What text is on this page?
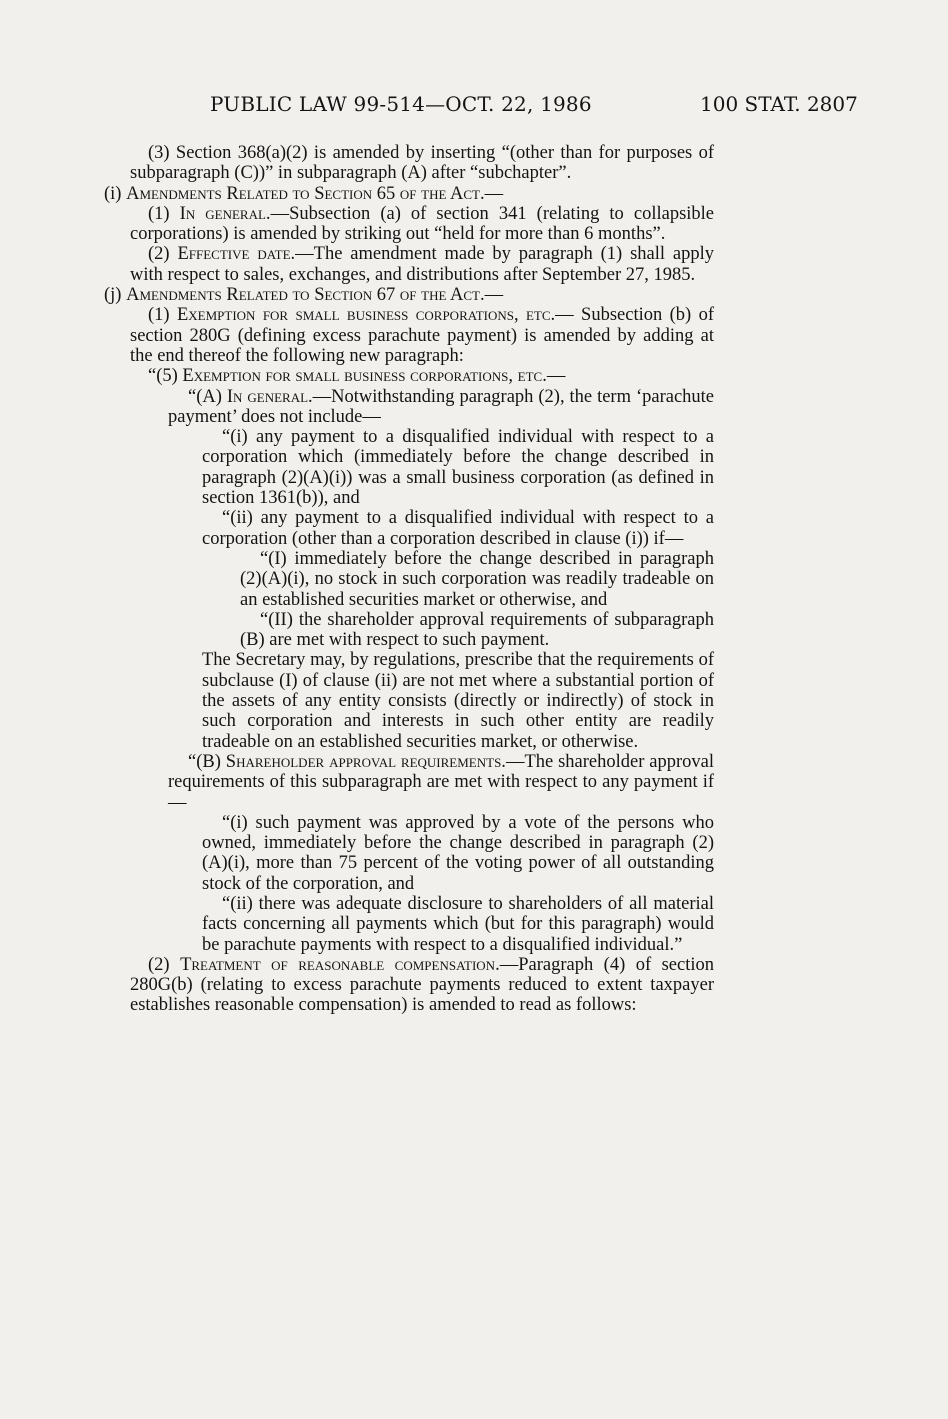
PUBLIC LAW 99-514—OCT. 22, 1986	100 STAT. 2807

(3) Section 368(a)(2) is amended by inserting “(other than for purposes of subparagraph (C))” in subparagraph (A) after “subchapter”.

(i) Amendments Related to Section 65 of the Act.—

(1) In general.—Subsection (a) of section 341 (relating to collapsible corporations) is amended by striking out “held for more than 6 months”.

(2) Effective date.—The amendment made by paragraph (1) shall apply with respect to sales, exchanges, and distributions after September 27, 1985.

(j) Amendments Related to Section 67 of the Act.—

(1) Exemption for small business corporations, etc.— Subsection (b) of section 280G (defining excess parachute payment) is amended by adding at the end thereof the following new paragraph:

“(5) Exemption for small business corporations, etc.—

“(A) In general.—Notwithstanding paragraph (2), the term ‘parachute payment’ does not include—

“(i) any payment to a disqualified individual with respect to a corporation which (immediately before the change described in paragraph (2)(A)(i)) was a small business corporation (as defined in section 1361(b)), and

“(ii) any payment to a disqualified individual with respect to a corporation (other than a corporation described in clause (i)) if—

“(I) immediately before the change described in paragraph (2)(A)(i), no stock in such corporation was readily tradeable on an established securities market or otherwise, and

“(II) the shareholder approval requirements of subparagraph (B) are met with respect to such payment.

The Secretary may, by regulations, prescribe that the requirements of subclause (I) of clause (ii) are not met where a substantial portion of the assets of any entity consists (directly or indirectly) of stock in such corporation and interests in such other entity are readily tradeable on an established securities market, or otherwise.

“(B) Shareholder approval requirements.—The shareholder approval requirements of this subparagraph are met with respect to any payment if—

“(i) such payment was approved by a vote of the persons who owned, immediately before the change described in paragraph (2)(A)(i), more than 75 percent of the voting power of all outstanding stock of the corporation, and

“(ii) there was adequate disclosure to shareholders of all material facts concerning all payments which (but for this paragraph) would be parachute payments with respect to a disqualified individual.”

(2) Treatment of reasonable compensation.—Paragraph (4) of section 280G(b) (relating to excess parachute payments reduced to extent taxpayer establishes reasonable compensation) is amended to read as follows:
